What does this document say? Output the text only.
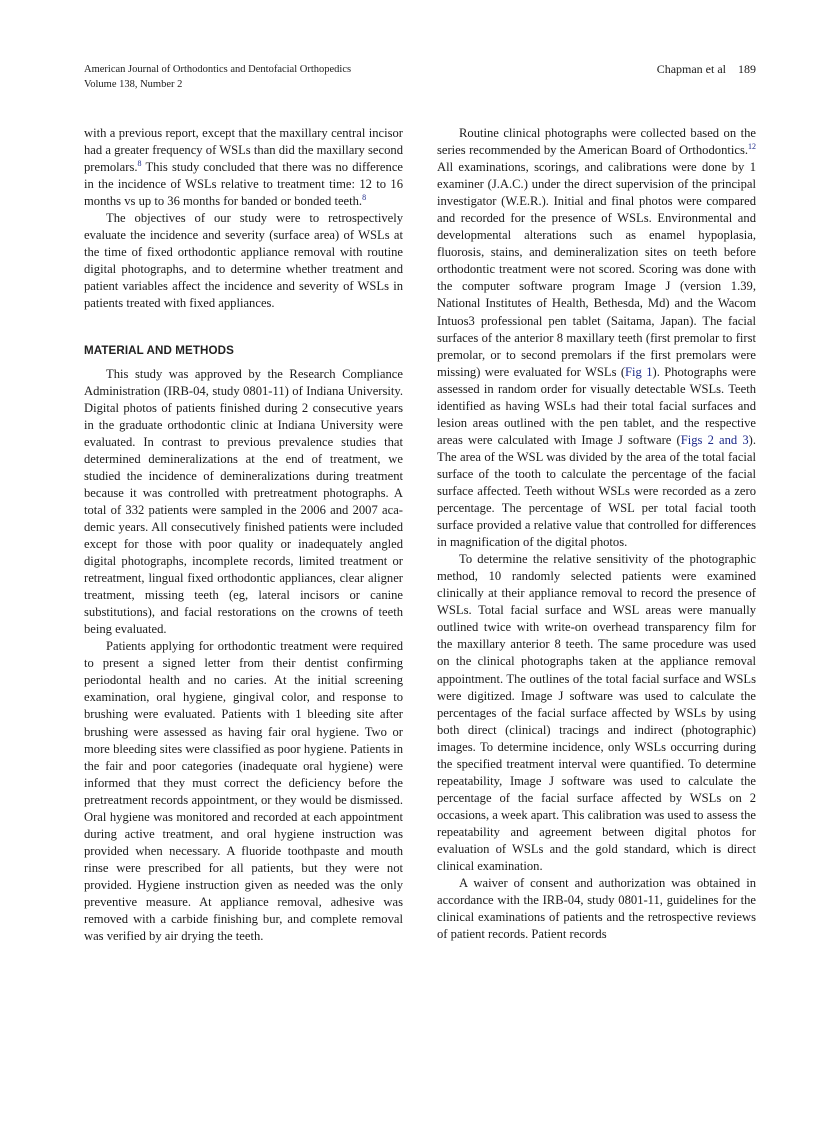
American Journal of Orthodontics and Dentofacial Orthopedics
Volume 138, Number 2
Chapman et al 189

with a previous report, except that the maxillary central incisor had a greater frequency of WSLs than did the maxillary second premolars.$^8$ This study concluded that there was no difference in the incidence of WSLs relative to treatment time: 12 to 16 months vs up to 36 months for banded or bonded teeth.$^8$

The objectives of our study were to retrospectively evaluate the incidence and severity (surface area) of WSLs at the time of fixed orthodontic appliance removal with routine digital photographs, and to determine whether treatment and patient variables affect the incidence and severity of WSLs in patients treated with fixed appliances.

MATERIAL AND METHODS

This study was approved by the Research Compliance Administration (IRB-04, study 0801-11) of Indiana University. Digital photos of patients finished during 2 consecutive years in the graduate orthodontic clinic at Indiana University were evaluated. In contrast to previous prevalence studies that determined demineralizations at the end of treatment, we studied the incidence of demineralizations during treatment because it was controlled with pretreatment photographs. A total of 332 patients were sampled in the 2006 and 2007 academic years. All consecutively finished patients were included except for those with poor quality or inadequately angled digital photographs, incomplete records, limited treatment or retreatment, lingual fixed orthodontic appliances, clear aligner treatment, missing teeth (eg, lateral incisors or canine substitutions), and facial restorations on the crowns of teeth being evaluated.

Patients applying for orthodontic treatment were required to present a signed letter from their dentist confirming periodontal health and no caries. At the initial screening examination, oral hygiene, gingival color, and response to brushing were evaluated. Patients with 1 bleeding site after brushing were assessed as having fair oral hygiene. Two or more bleeding sites were classified as poor hygiene. Patients in the fair and poor categories (inadequate oral hygiene) were informed that they must correct the deficiency before the pretreatment records appointment, or they would be dismissed. Oral hygiene was monitored and recorded at each appointment during active treatment, and oral hygiene instruction was provided when necessary. A fluoride toothpaste and mouth rinse were prescribed for all patients, but they were not provided. Hygiene instruction given as needed was the only preventive measure. At appliance removal, adhesive was removed with a carbide finishing bur, and complete removal was verified by air drying the teeth.

Routine clinical photographs were collected based on the series recommended by the American Board of Orthodontics.$^{12}$ All examinations, scorings, and calibrations were done by 1 examiner (J.A.C.) under the direct supervision of the principal investigator (W.E.R.). Initial and final photos were compared and recorded for the presence of WSLs. Environmental and developmental alterations such as enamel hypoplasia, fluorosis, stains, and demineralization sites on teeth before orthodontic treatment were not scored. Scoring was done with the computer software program Image J (version 1.39, National Institutes of Health, Bethesda, Md) and the Wacom Intuos3 professional pen tablet (Saitama, Japan). The facial surfaces of the anterior 8 maxillary teeth (first premolar to first premolar, or to second premolars if the first premolars were missing) were evaluated for WSLs (Fig 1). Photographs were assessed in random order for visually detectable WSLs. Teeth identified as having WSLs had their total facial surfaces and lesion areas outlined with the pen tablet, and the respective areas were calculated with Image J software (Figs 2 and 3). The area of the WSL was divided by the area of the total facial surface of the tooth to calculate the percentage of the facial surface affected. Teeth without WSLs were recorded as a zero percentage. The percentage of WSL per total facial tooth surface provided a relative value that controlled for differences in magnification of the digital photos.

To determine the relative sensitivity of the photographic method, 10 randomly selected patients were examined clinically at their appliance removal to record the presence of WSLs. Total facial surface and WSL areas were manually outlined twice with write-on overhead transparency film for the maxillary anterior 8 teeth. The same procedure was used on the clinical photographs taken at the appliance removal appointment. The outlines of the total facial surface and WSLs were digitized. Image J software was used to calculate the percentages of the facial surface affected by WSLs by using both direct (clinical) tracings and indirect (photographic) images. To determine incidence, only WSLs occurring during the specified treatment interval were quantified. To determine repeatability, Image J software was used to calculate the percentage of the facial surface affected by WSLs on 2 occasions, a week apart. This calibration was used to assess the repeatability and agreement between digital photos for evaluation of WSLs and the gold standard, which is direct clinical examination.

A waiver of consent and authorization was obtained in accordance with the IRB-04, study 0801-11, guidelines for the clinical examinations of patients and the retrospective reviews of patient records. Patient records
